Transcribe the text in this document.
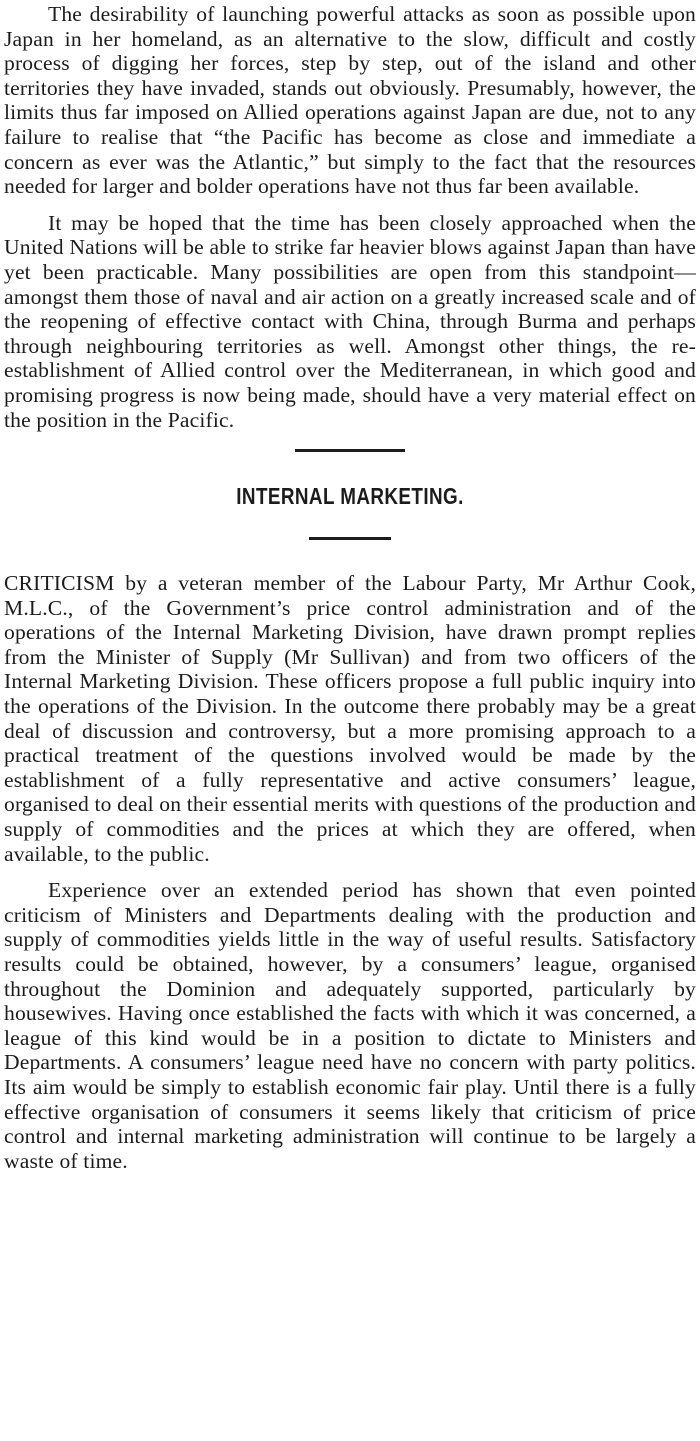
The desirability of launching powerful attacks as soon as possible upon Japan in her homeland, as an alternative to the slow, difficult and costly process of digging her forces, step by step, out of the island and other territories they have invaded, stands out obviously. Presumably, however, the limits thus far imposed on Allied operations against Japan are due, not to any failure to realise that “the Pacific has become as close and immediate a concern as ever was the Atlantic,” but simply to the fact that the resources needed for larger and bolder operations have not thus far been available.

It may be hoped that the time has been closely approached when the United Nations will be able to strike far heavier blows against Japan than have yet been practicable. Many possibilities are open from this standpoint—amongst them those of naval and air action on a greatly increased scale and of the reopening of effective contact with China, through Burma and perhaps through neighbouring territories as well. Amongst other things, the re-establishment of Allied control over the Mediterranean, in which good and promising progress is now being made, should have a very material effect on the position in the Pacific.

INTERNAL MARKETING.

CRITICISM by a veteran member of the Labour Party, Mr Arthur Cook, M.L.C., of the Government’s price control administration and of the operations of the Internal Marketing Division, have drawn prompt replies from the Minister of Supply (Mr Sullivan) and from two officers of the Internal Marketing Division. These officers propose a full public inquiry into the operations of the Division. In the outcome there probably may be a great deal of discussion and controversy, but a more promising approach to a practical treatment of the questions involved would be made by the establishment of a fully representative and active consumers’ league, organised to deal on their essential merits with questions of the production and supply of commodities and the prices at which they are offered, when available, to the public.

Experience over an extended period has shown that even pointed criticism of Ministers and Departments dealing with the production and supply of commodities yields little in the way of useful results. Satisfactory results could be obtained, however, by a consumers’ league, organised throughout the Dominion and adequately supported, particularly by housewives. Having once established the facts with which it was concerned, a league of this kind would be in a position to dictate to Ministers and Departments. A consumers’ league need have no concern with party politics. Its aim would be simply to establish economic fair play. Until there is a fully effective organisation of consumers it seems likely that criticism of price control and internal marketing administration will continue to be largely a waste of time.
